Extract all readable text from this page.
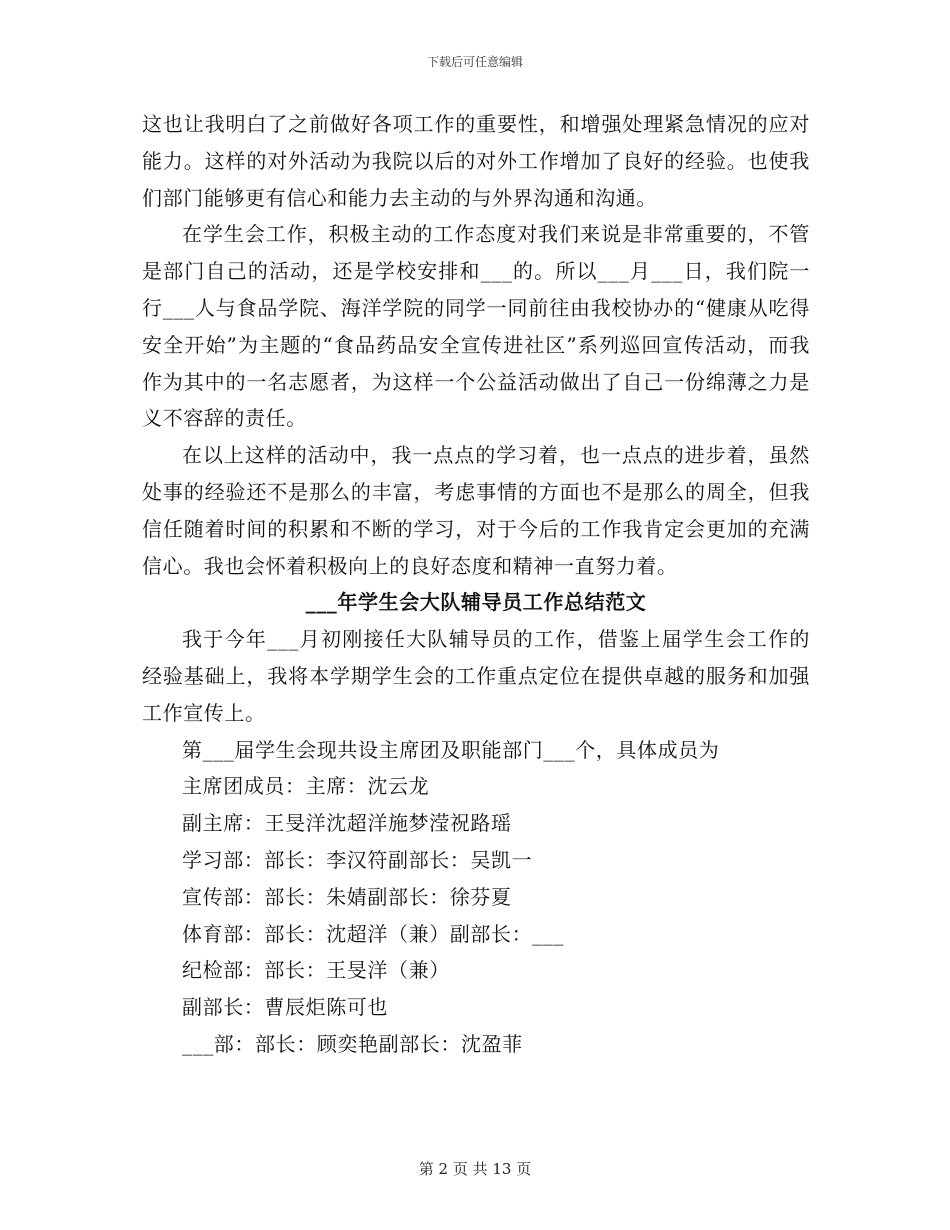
下载后可任意编辑

这也让我明白了之前做好各项工作的重要性，和增强处理紧急情况的应对能力。这样的对外活动为我院以后的对外工作增加了良好的经验。也使我们部门能够更有信心和能力去主动的与外界沟通和沟通。

在学生会工作，积极主动的工作态度对我们来说是非常重要的，不管是部门自己的活动，还是学校安排和___的。所以___月___日，我们院一行___人与食品学院、海洋学院的同学一同前往由我校协办的“健康从吃得安全开始”为主题的“食品药品安全宣传进社区”系列巡回宣传活动，而我作为其中的一名志愿者，为这样一个公益活动做出了自己一份绵薄之力是义不容辞的责任。

在以上这样的活动中，我一点点的学习着，也一点点的进步着，虽然处事的经验还不是那么的丰富，考虑事情的方面也不是那么的周全，但我信任随着时间的积累和不断的学习，对于今后的工作我肯定会更加的充满信心。我也会怀着积极向上的良好态度和精神一直努力着。

___年学生会大队辅导员工作总结范文

我于今年___月初刚接任大队辅导员的工作，借鉴上届学生会工作的经验基础上，我将本学期学生会的工作重点定位在提供卓越的服务和加强工作宣传上。

第___届学生会现共设主席团及职能部门___个，具体成员为

主席团成员：主席：沈云龙

副主席：王旻洋沈超洋施梦滢祝路瑶

学习部：部长：李汉符副部长：吴凯一

宣传部：部长：朱婧副部长：徐芬夏

体育部：部长：沈超洋（兼）副部长：___

纪检部：部长：王旻洋（兼）

副部长：曹辰炬陈可也

___部：部长：顾奕艳副部长：沈盈菲

第 2 页 共 13 页
